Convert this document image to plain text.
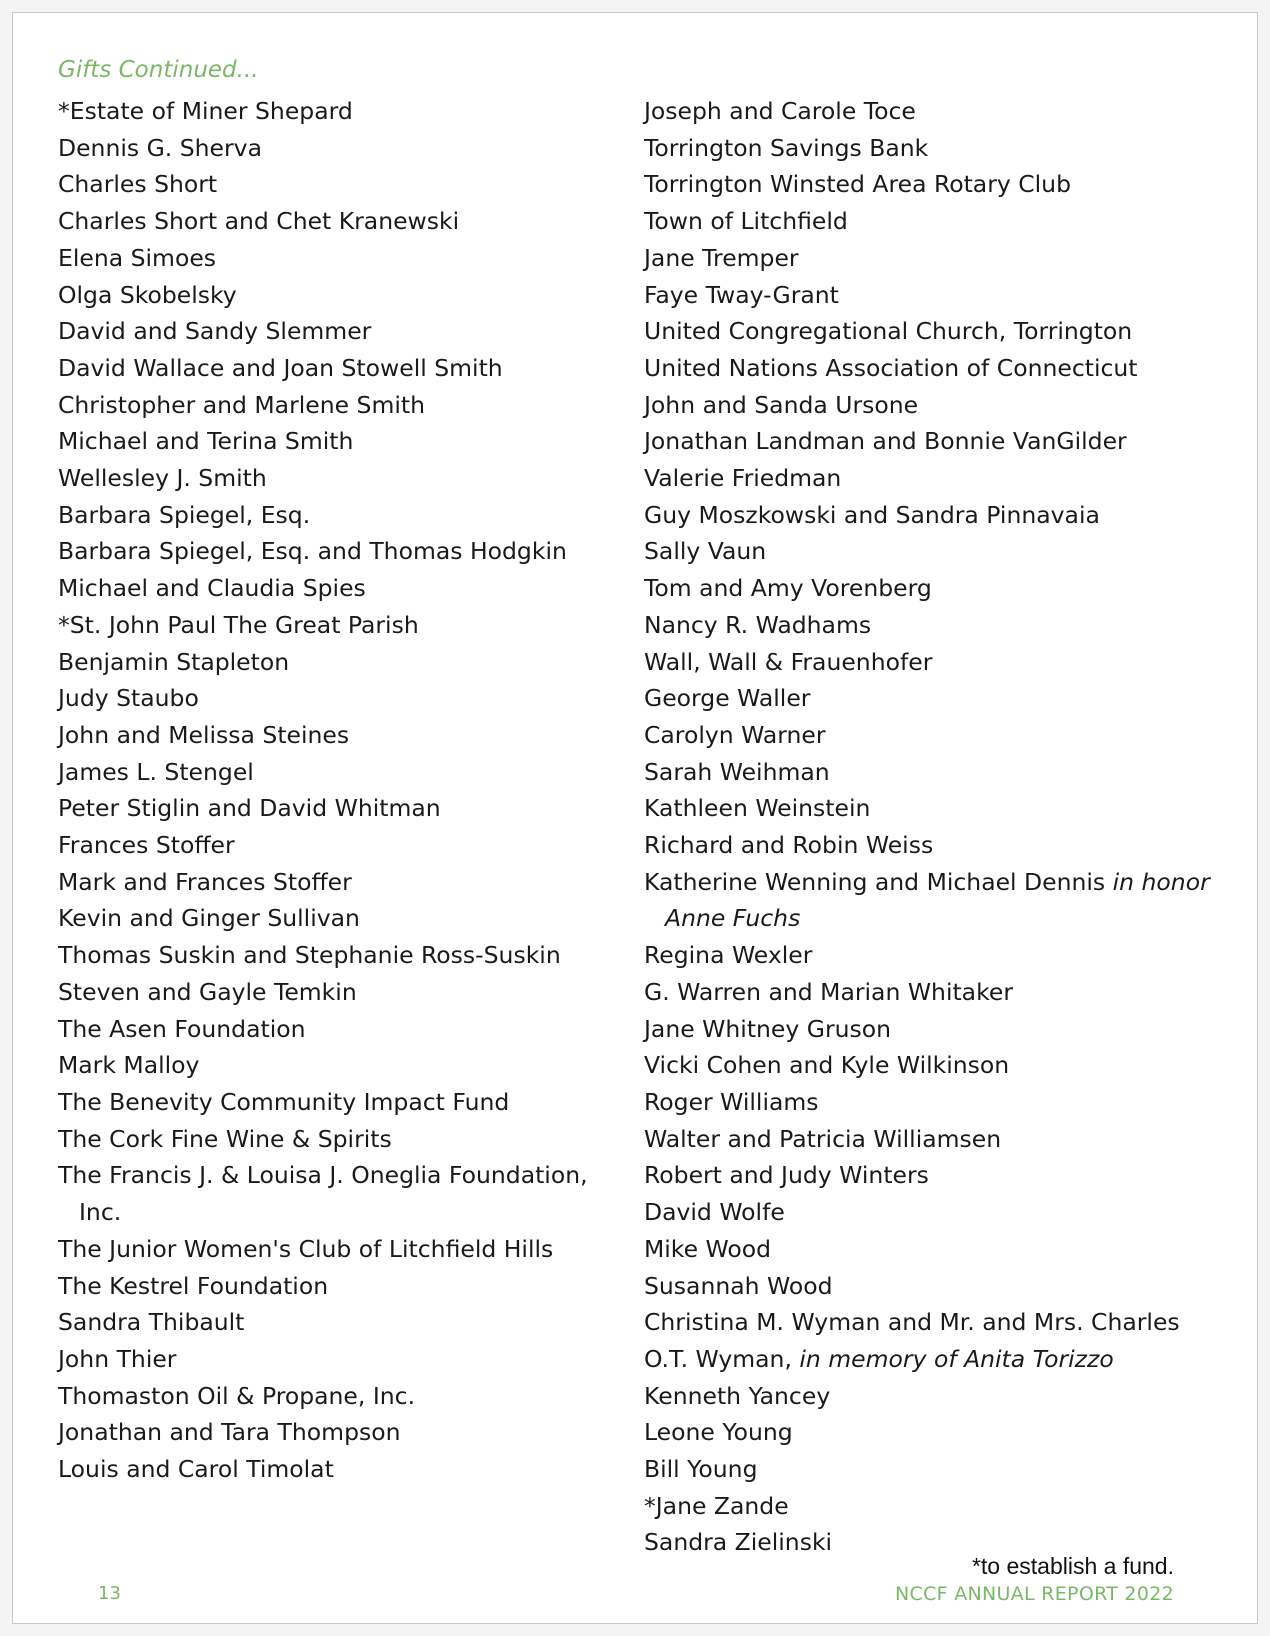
Gifts Continued...
*Estate of Miner Shepard
Dennis G. Sherva
Charles Short
Charles Short and Chet Kranewski
Elena Simoes
Olga Skobelsky
David and Sandy Slemmer
David Wallace and Joan Stowell Smith
Christopher and Marlene Smith
Michael and Terina Smith
Wellesley J. Smith
Barbara Spiegel, Esq.
Barbara Spiegel, Esq. and Thomas Hodgkin
Michael and Claudia Spies
*St. John Paul The Great Parish
Benjamin Stapleton
Judy Staubo
John and Melissa Steines
James L. Stengel
Peter Stiglin and David Whitman
Frances Stoffer
Mark and Frances Stoffer
Kevin and Ginger Sullivan
Thomas Suskin and Stephanie Ross-Suskin
Steven and Gayle Temkin
The Asen Foundation
Mark Malloy
The Benevity Community Impact Fund
The Cork Fine Wine & Spirits
The Francis J. & Louisa J. Oneglia Foundation, Inc.
The Junior Women's Club of Litchfield Hills
The Kestrel Foundation
Sandra Thibault
John Thier
Thomaston Oil & Propane, Inc.
Jonathan and Tara Thompson
Louis and Carol Timolat
Joseph and Carole Toce
Torrington Savings Bank
Torrington Winsted Area Rotary Club
Town of Litchfield
Jane Tremper
Faye Tway-Grant
United Congregational Church, Torrington
United Nations Association of Connecticut
John and Sanda Ursone
Jonathan Landman and Bonnie VanGilder
Valerie Friedman
Guy Moszkowski and Sandra Pinnavaia
Sally Vaun
Tom and Amy Vorenberg
Nancy R. Wadhams
Wall, Wall & Frauenhofer
George Waller
Carolyn Warner
Sarah Weihman
Kathleen Weinstein
Richard and Robin Weiss
Katherine Wenning and Michael Dennis in honor Anne Fuchs
Regina Wexler
G. Warren and Marian Whitaker
Jane Whitney Gruson
Vicki Cohen and Kyle Wilkinson
Roger Williams
Walter and Patricia Williamsen
Robert and Judy Winters
David Wolfe
Mike Wood
Susannah Wood
Christina M. Wyman and Mr. and Mrs. Charles
O.T. Wyman, in memory of Anita Torizzo
Kenneth Yancey
Leone Young
Bill Young
*Jane Zande
Sandra Zielinski
*to establish a fund.
13	NCCF ANNUAL REPORT 2022
